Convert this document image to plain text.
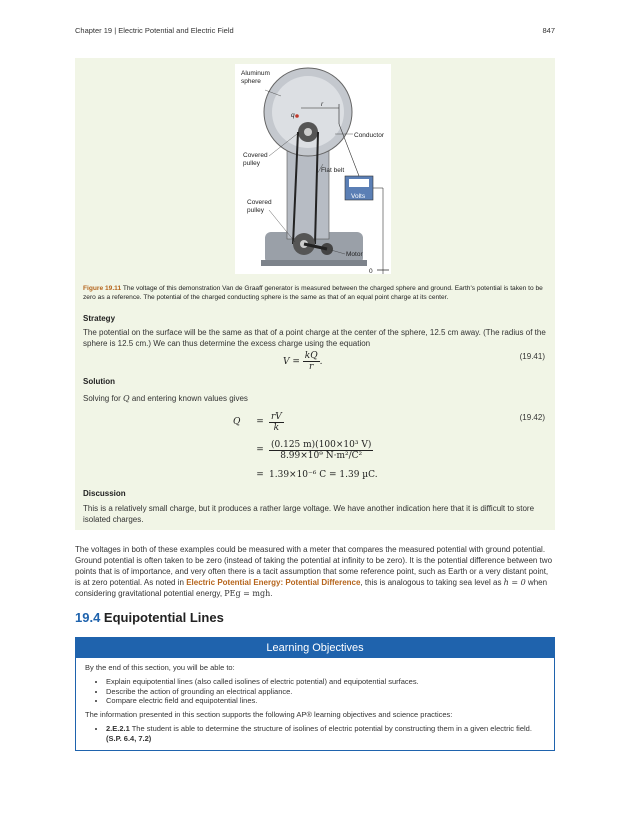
Chapter 19 | Electric Potential and Electric Field	847
Aluminum
sphere
q
r
Conductor
Covered
pulley
Flat belt
Volts
Covered
pulley
Motor
0
Figure 19.11 The voltage of this demonstration Van de Graaff generator is measured between the charged sphere and ground. Earth's potential is taken to be zero as a reference. The potential of the charged conducting sphere is the same as that of an equal point charge at its center.
Strategy
The potential on the surface will be the same as that of a point charge at the center of the sphere, 12.5 cm away. (The radius of the sphere is 12.5 cm.) We can thus determine the excess charge using the equation
$V = \frac{kQ}{r}$ .
(19.41)
Solution
Solving for Q and entering known values gives
Q	= $\frac{rV}{k}$
= $\frac{\text{(0.125 m)(100×10³ V)}}{\text{8.99×10⁹ N·m²/C²}}$
= 1.39×10⁻⁶ C = 1.39 µC.
(19.42)
Discussion
This is a relatively small charge, but it produces a rather large voltage. We have another indication here that it is difficult to store isolated charges.
The voltages in both of these examples could be measured with a meter that compares the measured potential with ground potential. Ground potential is often taken to be zero (instead of taking the potential at infinity to be zero). It is the potential difference between two points that is of importance, and very often there is a tacit assumption that some reference point, such as Earth or a very distant point, is at zero potential. As noted in Electric Potential Energy: Potential Difference, this is analogous to taking sea level as h = 0 when considering gravitational potential energy, PEg = mgh.
19.4 Equipotential Lines
Learning Objectives
By the end of this section, you will be able to:
• Explain equipotential lines (also called isolines of electric potential) and equipotential surfaces.
• Describe the action of grounding an electrical appliance.
• Compare electric field and equipotential lines.
The information presented in this section supports the following AP® learning objectives and science practices:
• 2.E.2.1 The student is able to determine the structure of isolines of electric potential by constructing them in a given electric field. (S.P. 6.4, 7.2)
